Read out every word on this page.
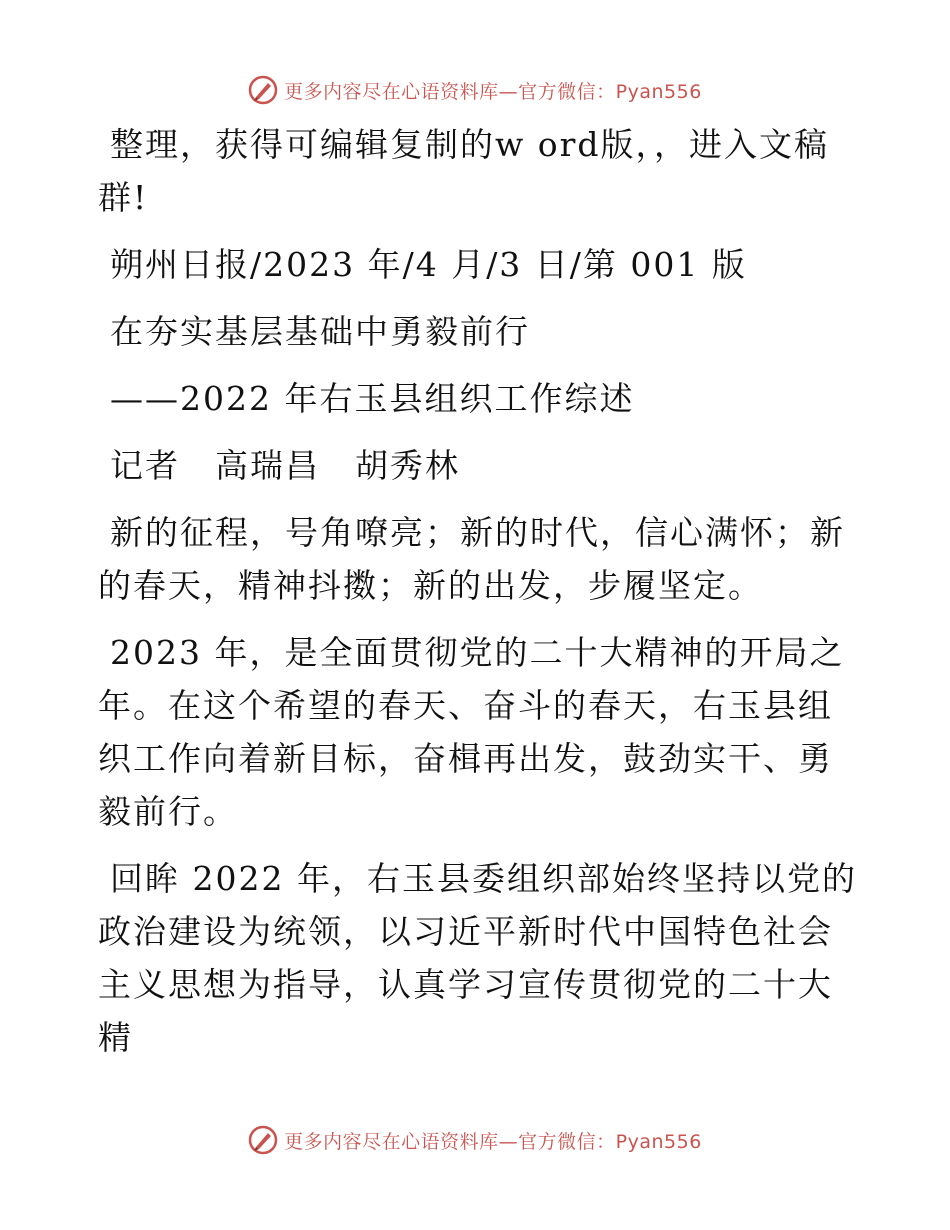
更多内容尽在心语资料库—官方微信：Pyan556

整理，获得可编辑复制的w ord版，，进入文稿群!

朔州日报/2023 年/4 月/3 日/第 001 版

在夯实基层基础中勇毅前行

——2022 年右玉县组织工作综述

记者　高瑞昌　胡秀林

新的征程，号角嘹亮；新的时代，信心满怀；新的春天，精神抖擞；新的出发，步履坚定。

2023 年，是全面贯彻党的二十大精神的开局之年。在这个希望的春天、奋斗的春天，右玉县组织工作向着新目标，奋楫再出发，鼓劲实干、勇毅前行。

回眸 2022 年，右玉县委组织部始终坚持以党的政治建设为统领，以习近平新时代中国特色社会主义思想为指导，认真学习宣传贯彻党的二十大精

更多内容尽在心语资料库—官方微信：Pyan556
